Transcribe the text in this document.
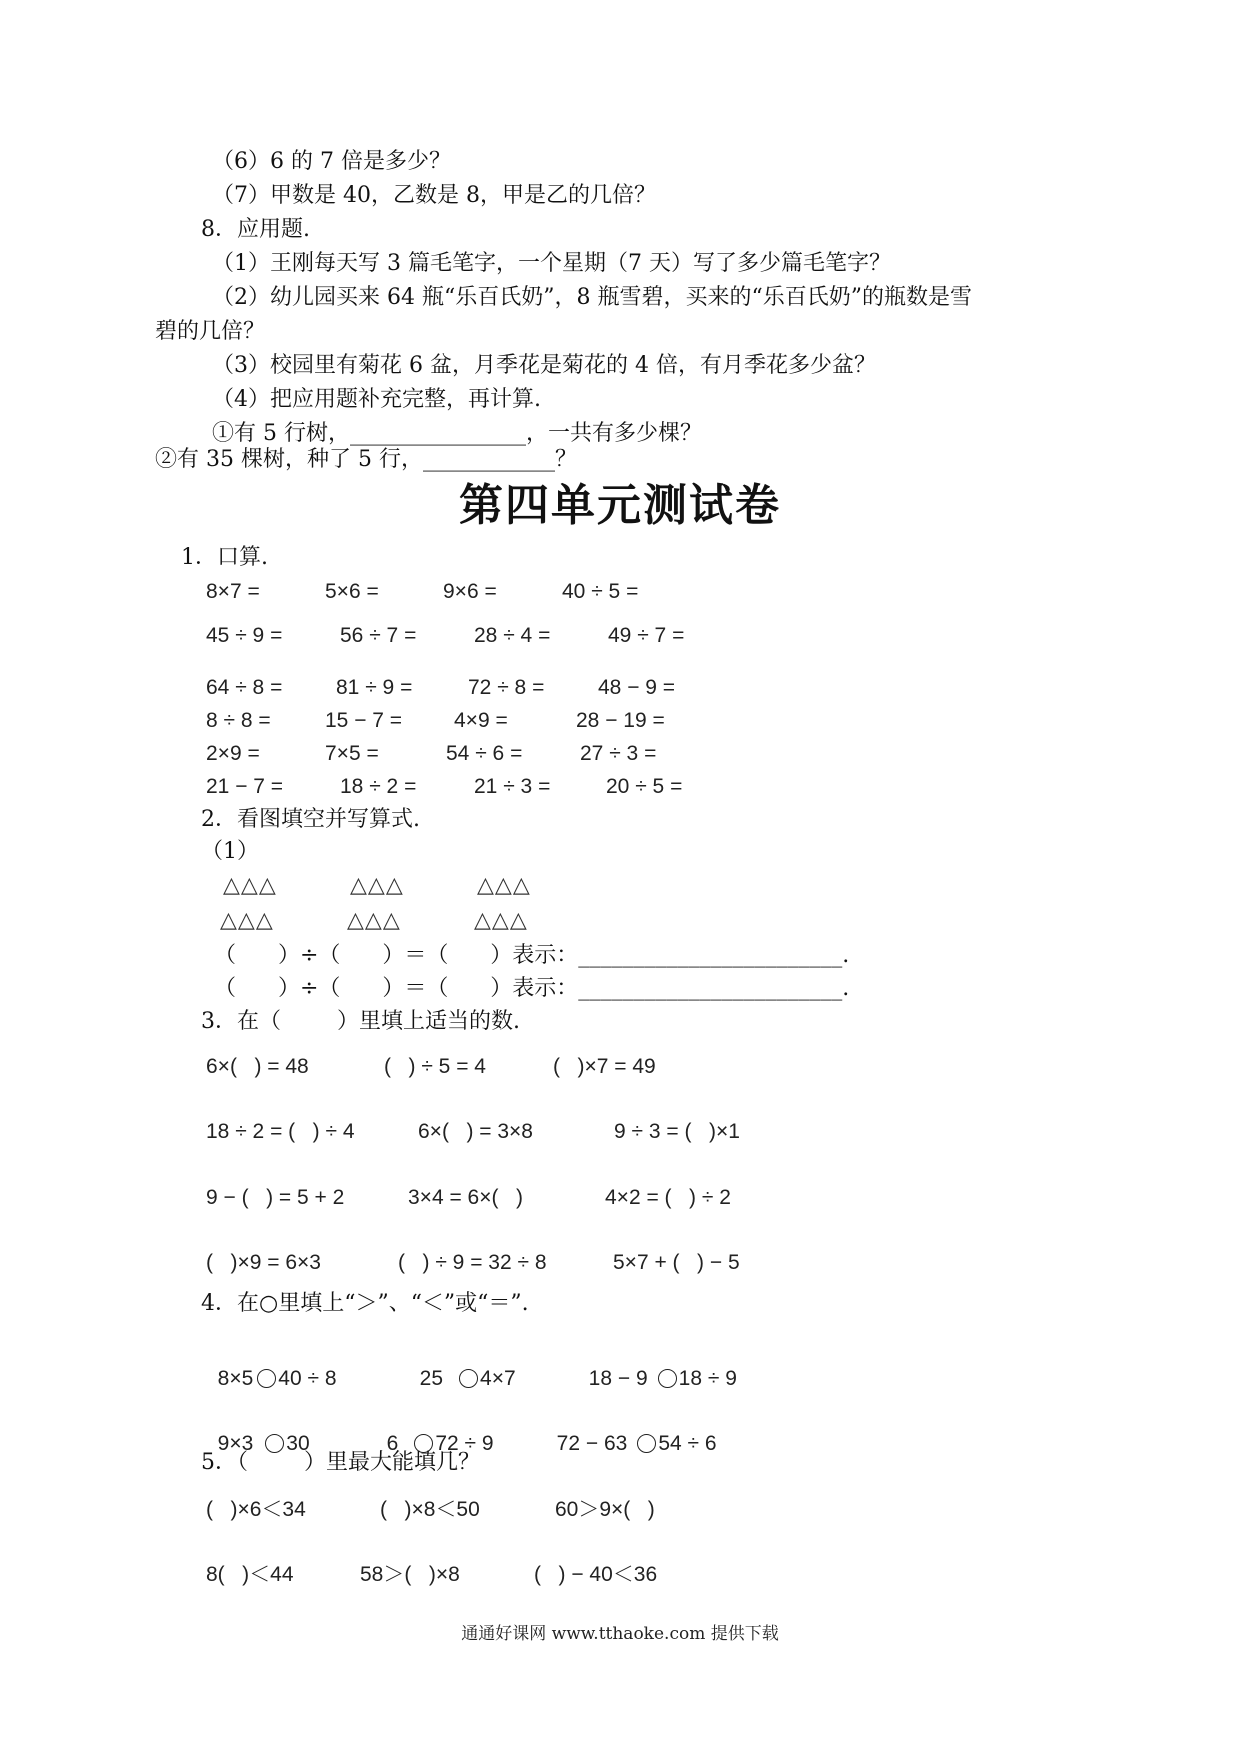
（6）6 的 7 倍是多少？
（7）甲数是 40，乙数是 8，甲是乙的几倍？
8．应用题.
（1）王刚每天写 3 篇毛笔字，一个星期（7 天）写了多少篇毛笔字？
（2）幼儿园买来 64 瓶“乐百氏奶”，8 瓶雪碧，买来的“乐百氏奶”的瓶数是雪
碧的几倍？
（3）校园里有菊花 6 盆，月季花是菊花的 4 倍，有月季花多少盆？
（4）把应用题补充完整，再计算.
①有 5 行树，________________，一共有多少棵？
②有 35 棵树，种了 5 行，____________？
第四单元测试卷
1．口算.
8×7 =	5×6 =	9×6 =	40 ÷ 5 =
45 ÷ 9 =	56 ÷ 7 =	28 ÷ 4 =	49 ÷ 7 =
64 ÷ 8 =	81 ÷ 9 =	72 ÷ 8 =	48 − 9 =
8 ÷ 8 =	15 − 7 = 4×9 =	28 − 19 =
2×9 =	7×5 =	54 ÷ 6 =	27 ÷ 3 =
21 − 7 =	18 ÷ 2 =	21 ÷ 3 =	20 ÷ 5 =
2．看图填空并写算式.
（1）
△△△	△△△	△△△
△△△	△△△	△△△
（      ）÷（      ）＝（      ）表示：________________________.
（      ）÷（      ）＝（      ）表示：________________________.
3．在（        ）里填上适当的数.
6×(   ) = 48	(   ) ÷ 5 = 4	(   )×7 = 49
18 ÷ 2 = (   ) ÷ 4	6×(   ) = 3×8	9 ÷ 3 = (   )×1
9 − (   ) = 5 + 2	3×4 = 6×(   )	4×2 = (   ) ÷ 2
(   )×9 = 6×3	(   ) ÷ 9 = 32 ÷ 8	5×7 + (   ) − 5
4．在○里填上“＞”、“＜”或“＝”.

8×5 40 ÷ 8	25 4×7	18 − 9 18 ÷ 9

9×3 30	6 72 ÷ 9	72 − 63 54 ÷ 6

5．（        ）里最大能填几？
(   )×6＜34	(   )×8＜50	60＞9×(   )
8(   )＜44	58＞(   )×8	(   ) − 40＜36
通通好课网 www.tthaoke.com 提供下载
